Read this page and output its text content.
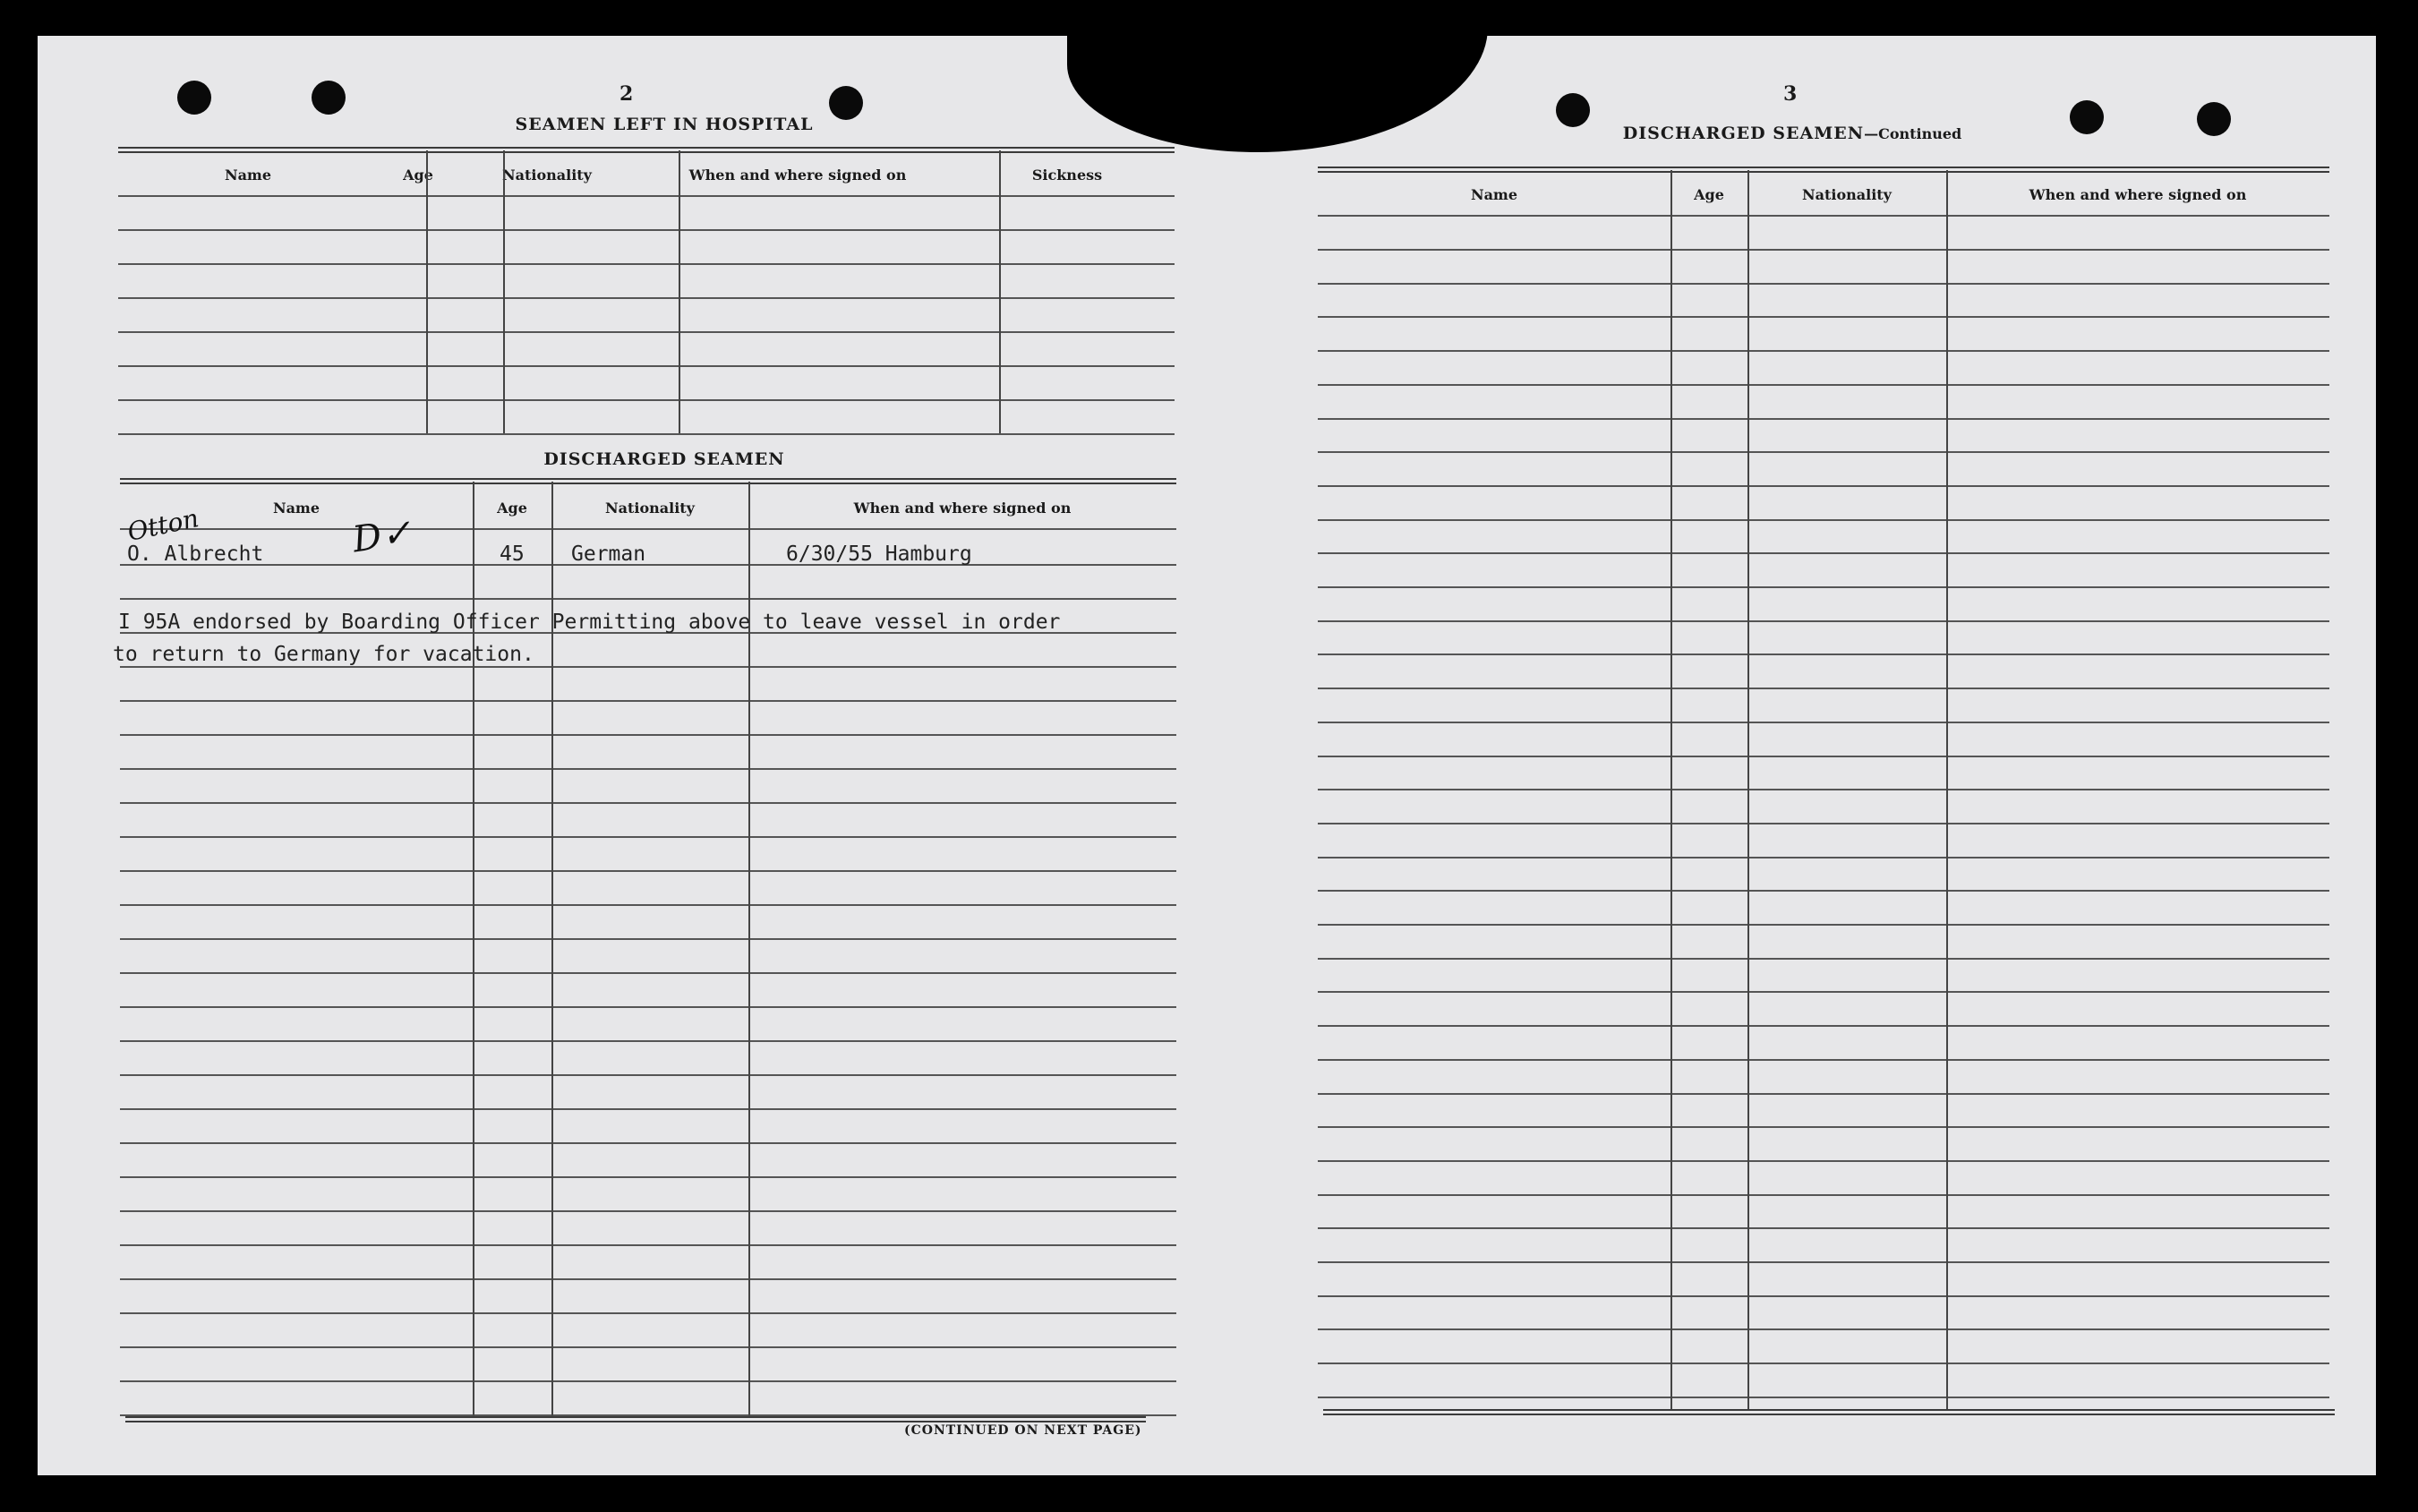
2
SEAMEN LEFT IN HOSPITAL
Name	Age	Nationality	When and where signed on	Sickness
DISCHARGED SEAMEN
Name	Age	Nationality	When and where signed on
Otton
O. Albrecht D✓	45 German	6/30/55 Hamburg
I 95A endorsed by Boarding Officer Permitting above to leave vessel in order
to return to Germany for vacation.
(CONTINUED ON NEXT PAGE)
3
DISCHARGED SEAMEN—Continued
Name	Age	Nationality	When and where signed on
